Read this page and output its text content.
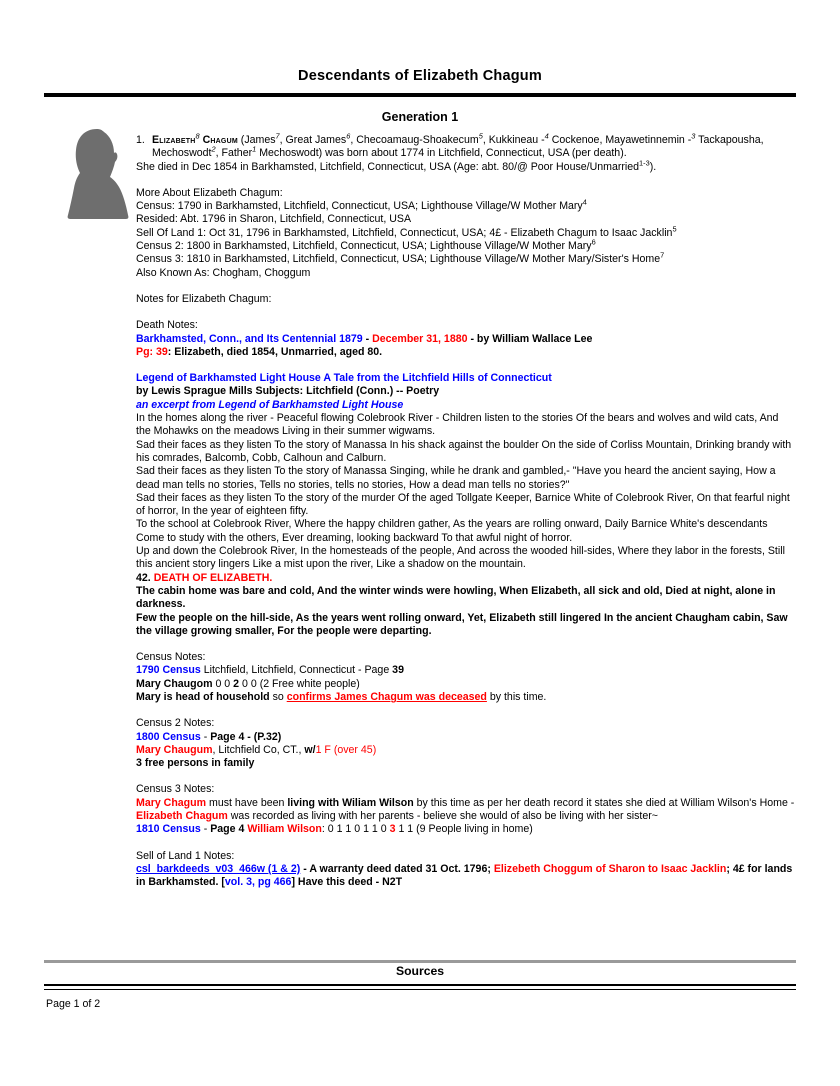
Descendants of Elizabeth Chagum
Generation 1

1. Elizabeth$^8$ Chagum (James$^7$, Great James$^6$, Checoamaug-Shoakecum$^5$, Kukkineau -$^4$ Cockenoe, Mayawetinnemin -$^3$ Tackapousha, Mechoswodt$^2$, Father$^1$ Mechoswodt) was born about 1774 in Litchfield, Connecticut, USA (per death).

She died in Dec 1854 in Barkhamsted, Litchfield, Connecticut, USA (Age: abt. 80/@ Poor House/Unmarried$^{1-3}$).

More About Elizabeth Chagum:

Census: 1790 in Barkhamsted, Litchfield, Connecticut, USA; Lighthouse Village/W Mother Mary$^4$

Resided: Abt. 1796 in Sharon, Litchfield, Connecticut, USA

Sell Of Land 1: Oct 31, 1796 in Barkhamsted, Litchfield, Connecticut, USA; 4£ - Elizabeth Chagum to Isaac Jacklin$^5$

Census 2: 1800 in Barkhamsted, Litchfield, Connecticut, USA; Lighthouse Village/W Mother Mary$^6$

Census 3: 1810 in Barkhamsted, Litchfield, Connecticut, USA; Lighthouse Village/W Mother Mary/Sister's Home$^7$

Also Known As: Chogham, Choggum

Notes for Elizabeth Chagum:

Death Notes:

Barkhamsted, Conn., and Its Centennial 1879 - December 31, 1880 - by William Wallace Lee

Pg: 39: Elizabeth, died 1854, Unmarried, aged 80.

Legend of Barkhamsted Light House A Tale from the Litchfield Hills of Connecticut

by Lewis Sprague Mills Subjects: Litchfield (Conn.) -- Poetry

an excerpt from Legend of Barkhamsted Light House

In the homes along the river - Peaceful flowing Colebrook River - Children listen to the stories Of the bears and wolves and wild cats, And the Mohawks on the meadows Living in their summer wigwams.

Sad their faces as they listen To the story of Manassa In his shack against the boulder On the side of Corliss Mountain, Drinking brandy with his comrades, Balcomb, Cobb, Calhoun and Calburn.

Sad their faces as they listen To the story of Manassa Singing, while he drank and gambled,- "Have you heard the ancient saying, How a dead man tells no stories, Tells no stories, tells no stories, How a dead man tells no stories?"

Sad their faces as they listen To the story of the murder Of the aged Tollgate Keeper, Barnice White of Colebrook River, On that fearful night of horror, In the year of eighteen fifty.

To the school at Colebrook River, Where the happy children gather, As the years are rolling onward, Daily Barnice White's descendants Come to study with the others, Ever dreaming, looking backward To that awful night of horror.

Up and down the Colebrook River, In the homesteads of the people, And across the wooded hill-sides, Where they labor in the forests, Still this ancient story lingers Like a mist upon the river, Like a shadow on the mountain.

42. DEATH OF ELIZABETH.

The cabin home was bare and cold, And the winter winds were howling, When Elizabeth, all sick and old, Died at night, alone in darkness.

Few the people on the hill-side, As the years went rolling onward, Yet, Elizabeth still lingered In the ancient Chaugham cabin, Saw the village growing smaller, For the people were departing.

Census Notes:

1790 Census Litchfield, Litchfield, Connecticut - Page 39

Mary Chaugom 0 0 2 0 0 (2 Free white people)

Mary is head of household so confirms James Chagum was deceased by this time.

Census 2 Notes:

1800 Census - Page 4 - (P.32)

Mary Chaugum, Litchfield Co, CT., w/1 F (over 45)

3 free persons in family

Census 3 Notes:

Mary Chagum must have been living with Wiliam Wilson by this time as per her death record it states she died at William Wilson's Home - Elizabeth Chagum was recorded as living with her parents - believe she would of also be living with her sister~

1810 Census - Page 4 William Wilson: 0 1 1 0 1 1 0 3 1 1 (9 People living in home)

Sell of Land 1 Notes:

csl_barkdeeds_v03_466w (1 & 2) - A warranty deed dated 31 Oct. 1796; Elizebeth Choggum of Sharon to Isaac Jacklin; 4£ for lands in Barkhamsted. [vol. 3, pg 466] Have this deed - N2T

Sources
Page 1 of 2
